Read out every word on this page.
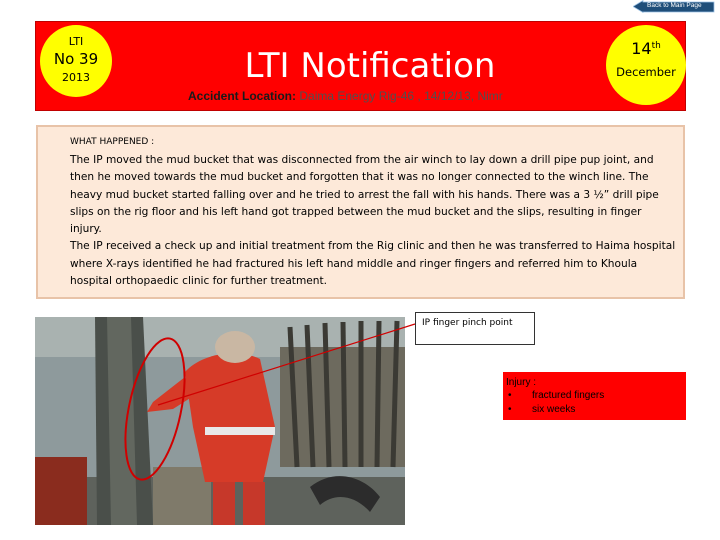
Back to Main Page
LTI
No 39
2013	LTI Notification	14th
December
Accident Location: Daima Energy Rig-46 , 14/12/13, Nimr
WHAT HAPPENED :

The IP moved the mud bucket that was disconnected from the air winch to lay down a drill pipe pup joint, and then he moved towards the mud bucket and forgotten that it was no longer connected to the winch line. The heavy mud bucket started falling over and he tried to arrest the fall with his hands. There was a 3 ½” drill pipe slips on the rig floor and his left hand got trapped between the mud bucket and the slips, resulting in finger injury.

The IP received a check up and initial treatment from the Rig clinic and then he was transferred to Haima hospital where X-rays identified he had fractured his left hand middle and ringer fingers and referred him to Khoula hospital orthopaedic clinic for further treatment.

IP finger pinch point
Injury :
• fractured fingers
• six weeks
